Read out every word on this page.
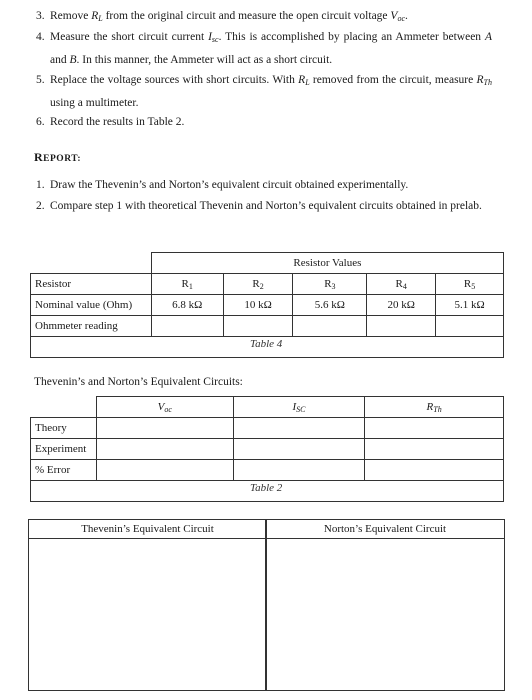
3. Remove $R_L$ from the original circuit and measure the open circuit voltage $V_{oc}$.
4. Measure the short circuit current $I_{sc}$. This is accomplished by placing an Ammeter between A and B. In this manner, the Ammeter will act as a short circuit.
5. Replace the voltage sources with short circuits. With $R_L$ removed from the circuit, measure $R_{Th}$ using a multimeter.
6. Record the results in Table 2.
REPORT:
1. Draw the Thevenin’s and Norton’s equivalent circuit obtained experimentally.
2. Compare step 1 with theoretical Thevenin and Norton’s equivalent circuits obtained in prelab.
	Resistor Values				
Resistor	$R_1$	$R_2$	$R_3$	$R_4$	$R_5$
Nominal value (Ohm)	6.8 kΩ	10 kΩ	5.6 kΩ	20 kΩ	5.1 kΩ
Ohmmeter reading					

Table 4
Thevenin’s and Norton’s Equivalent Circuits:
	$V_{oc}$	$I_{SC}$	$R_{Th}$
Theory			
Experiment			
% Error			

Table 2
Thevenin’s Equivalent Circuit	Norton’s Equivalent Circuit
